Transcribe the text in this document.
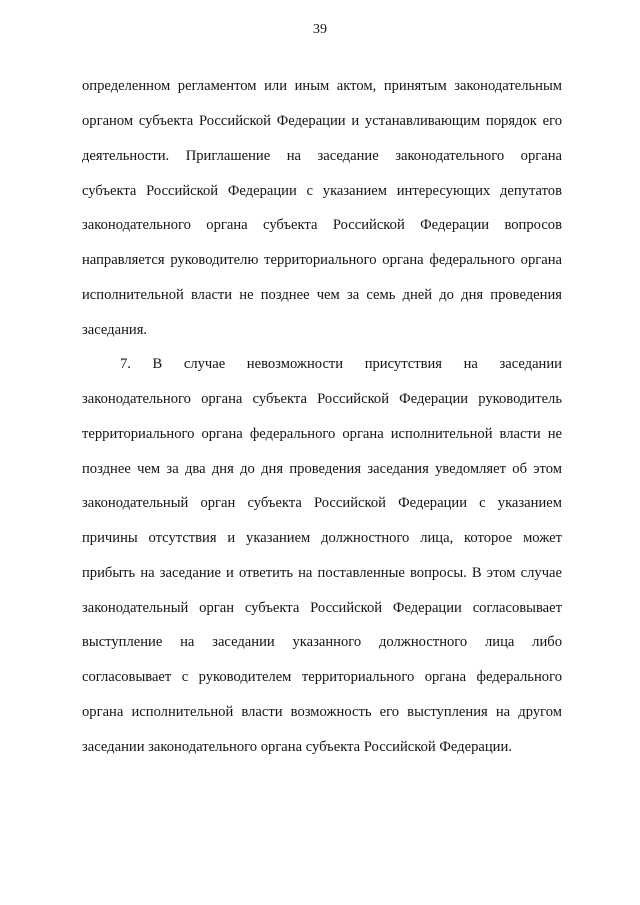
39
определенном регламентом или иным актом, принятым законодательным
органом субъекта Российской Федерации и устанавливающим порядок его
деятельности. Приглашение на заседание законодательного органа
субъекта Российской Федерации с указанием интересующих депутатов
законодательного органа субъекта Российской Федерации вопросов
направляется руководителю территориального органа федерального органа
исполнительной власти не позднее чем за семь дней до дня проведения
заседания.
7. В случае невозможности присутствия на заседании
законодательного органа субъекта Российской Федерации руководитель
территориального органа федерального органа исполнительной власти не
позднее чем за два дня до дня проведения заседания уведомляет об этом
законодательный орган субъекта Российской Федерации с указанием
причины отсутствия и указанием должностного лица, которое может
прибыть на заседание и ответить на поставленные вопросы. В этом случае
законодательный орган субъекта Российской Федерации согласовывает
выступление на заседании указанного должностного лица либо
согласовывает с руководителем территориального органа федерального
органа исполнительной власти возможность его выступления на другом
заседании законодательного органа субъекта Российской Федерации.
